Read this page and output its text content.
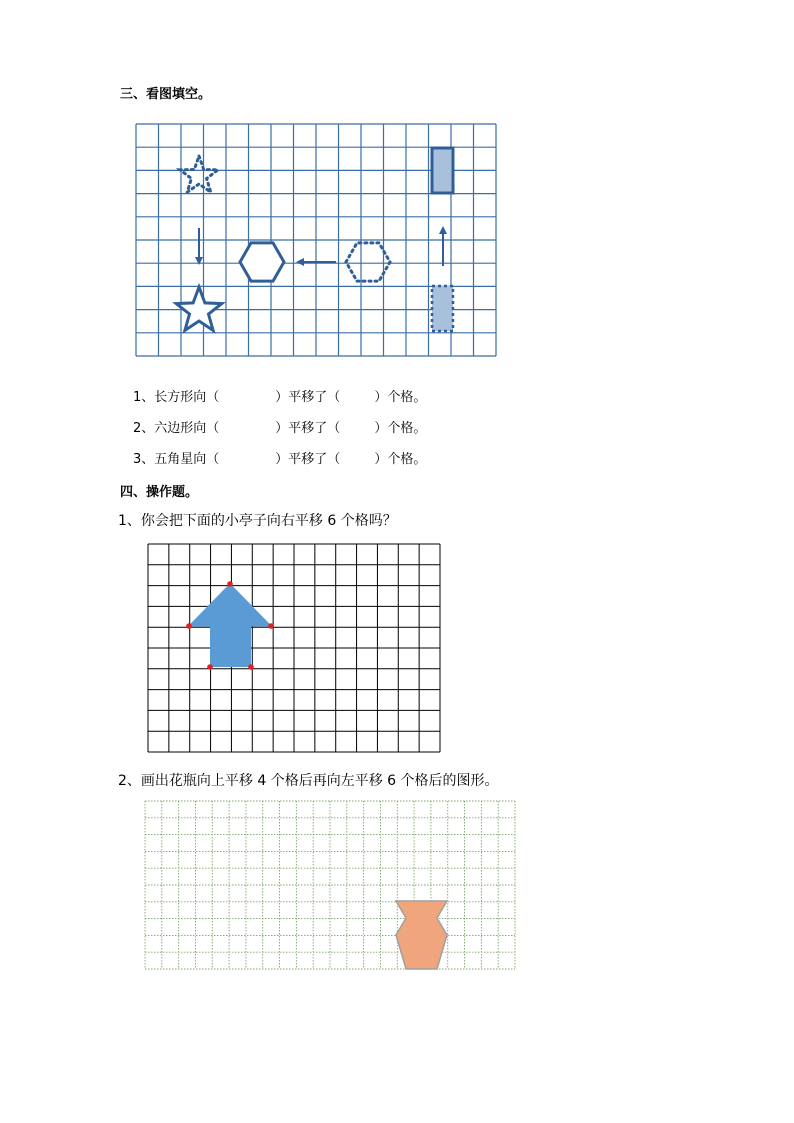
三、看图填空。
1、长方形向（	）平移了（	）个格。
2、六边形向（	）平移了（	）个格。
3、五角星向（	）平移了（	）个格。
四、操作题。
1、你会把下面的小亭子向右平移 6 个格吗？
2、画出花瓶向上平移 4 个格后再向左平移 6 个格后的图形。
